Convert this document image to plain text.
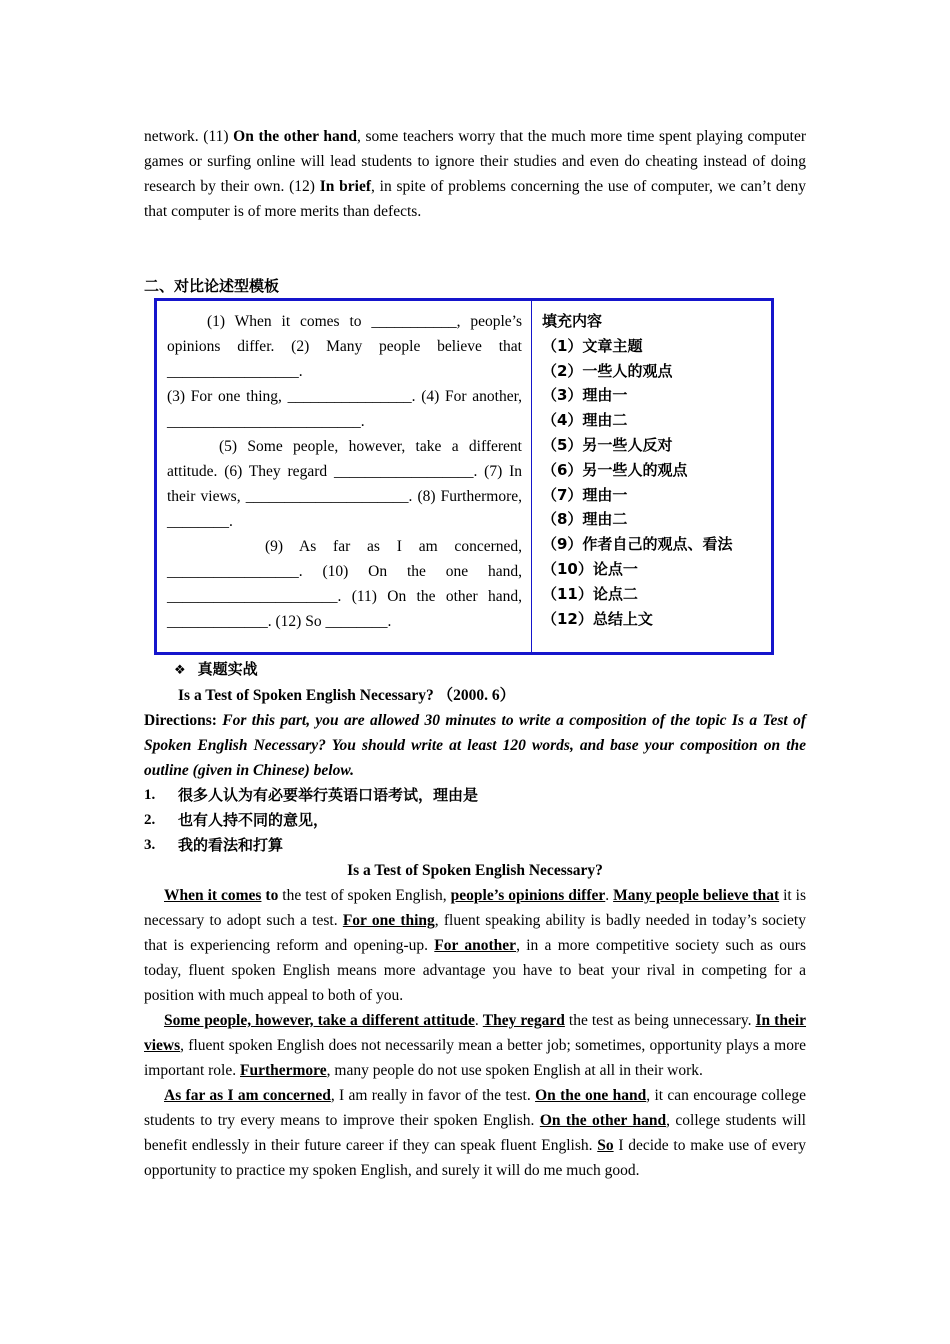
network. (11) On the other hand, some teachers worry that the much more time spent playing computer games or surfing online will lead students to ignore their studies and even do cheating instead of doing research by their own. (12) In brief, in spite of problems concerning the use of computer, we can’t deny that computer is of more merits than defects.

二、对比论述型模板

(1) When it comes to ___________, people’s opinions differ. (2) Many people believe that _________________.

(3) For one thing, ________________. (4) For another, _________________________.

(5) Some people, however, take a different attitude. (6) They regard __________________. (7) In their views, _____________________. (8) Furthermore, ________.

(9) As far as I am concerned, _________________. (10) On the one hand, ______________________. (11) On the other hand, _____________. (12) So ________.

填充内容
（1）文章主题
（2）一些人的观点
（3）理由一
（4）理由二
（5）另一些人反对
（6）另一些人的观点
（7）理由一
（8）理由二
（9）作者自己的观点、看法
（10）论点一
（11）论点二
（12）总结上文
❖ 真题实战
Is a Test of Spoken English Necessary? （2000. 6）
Directions: For this part, you are allowed 30 minutes to write a composition of the topic Is a Test of Spoken English Necessary? You should write at least 120 words, and base your composition on the outline (given in Chinese) below.
1.	很多人认为有必要举行英语口语考试，理由是
2.	也有人持不同的意见，
3.	我的看法和打算
Is a Test of Spoken English Necessary?

When it comes to the test of spoken English, people’s opinions differ. Many people believe that it is necessary to adopt such a test. For one thing, fluent speaking ability is badly needed in today’s society that is experiencing reform and opening-up. For another, in a more competitive society such as ours today, fluent spoken English means more advantage you have to beat your rival in competing for a position with much appeal to both of you.

Some people, however, take a different attitude. They regard the test as being unnecessary. In their views, fluent spoken English does not necessarily mean a better job; sometimes, opportunity plays a more important role. Furthermore, many people do not use spoken English at all in their work.

As far as I am concerned, I am really in favor of the test. On the one hand, it can encourage college students to try every means to improve their spoken English. On the other hand, college students will benefit endlessly in their future career if they can speak fluent English. So I decide to make use of every opportunity to practice my spoken English, and surely it will do me much good.
